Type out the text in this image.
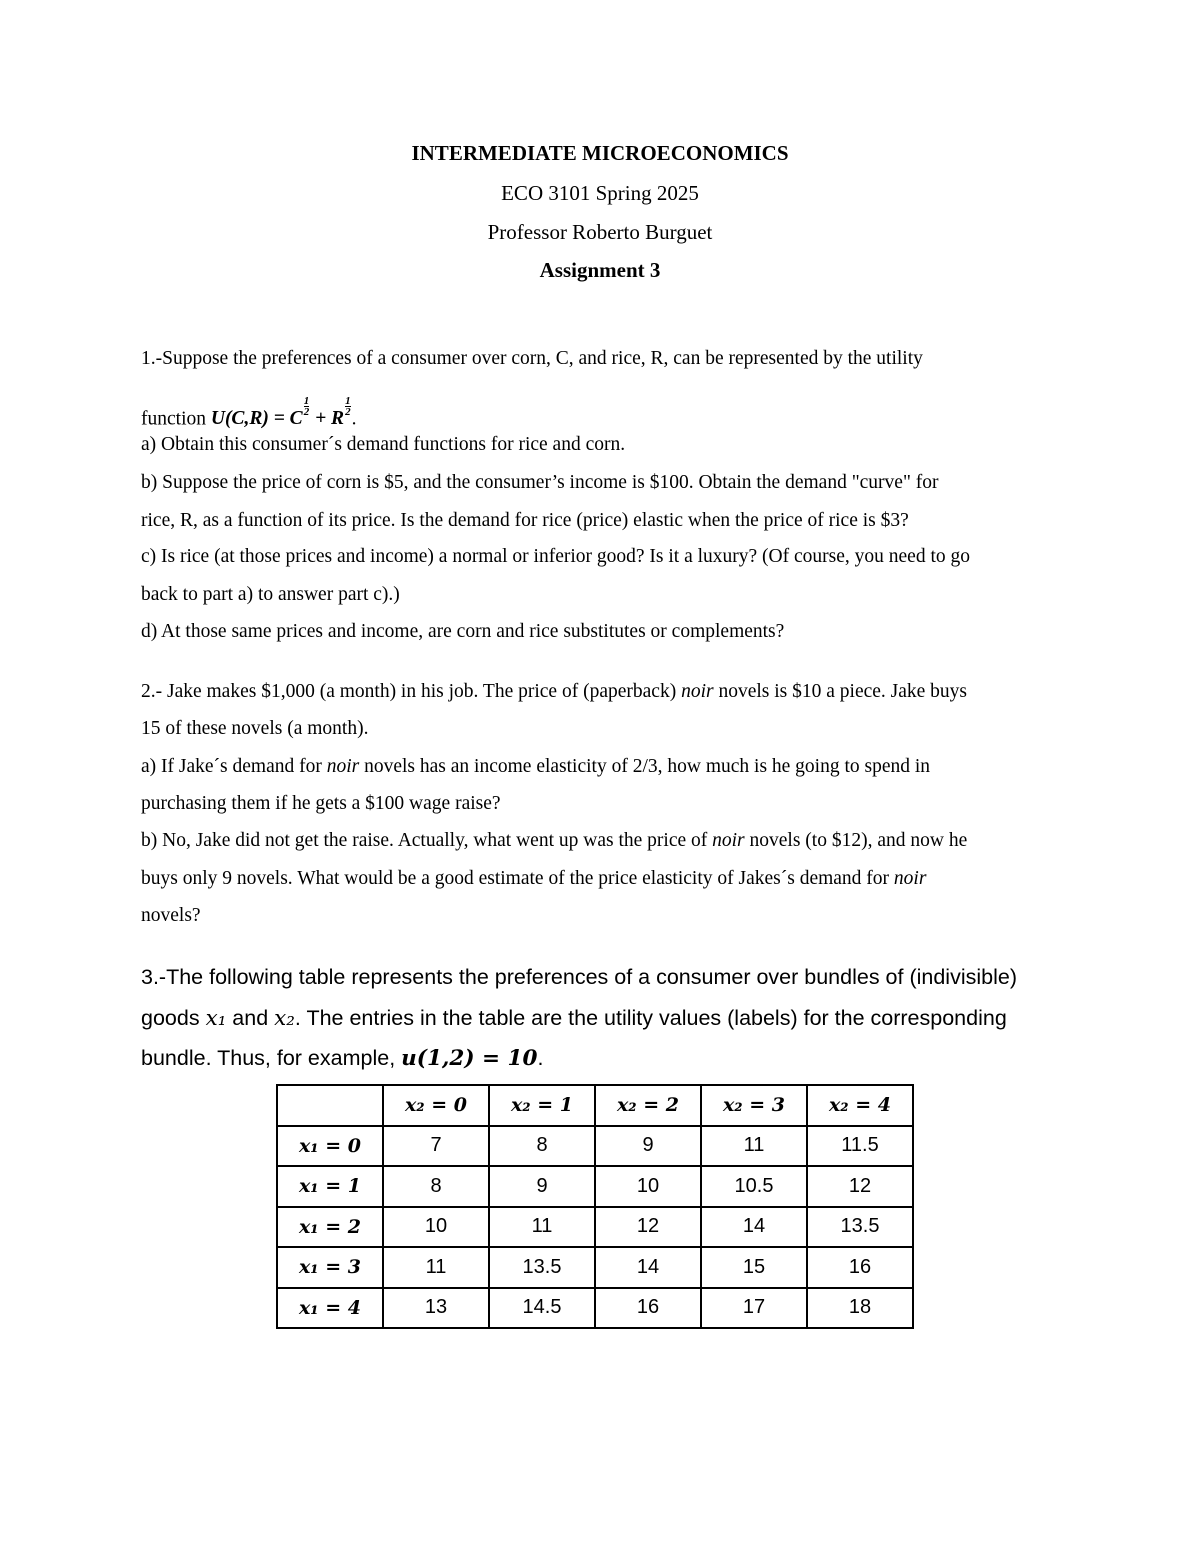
INTERMEDIATE MICROECONOMICS
ECO 3101 Spring 2025
Professor Roberto Burguet
Assignment 3
1.-Suppose the preferences of a consumer over corn, C, and rice, R, can be represented by the utility
function U(C,R) = C
$\frac{1}{2}$
+ R
$\frac{1}{2}$
.
a) Obtain this consumer´s demand functions for rice and corn.
b) Suppose the price of corn is $5, and the consumer’s income is $100. Obtain the demand "curve" for
rice, R, as a function of its price. Is the demand for rice (price) elastic when the price of rice is $3?
c) Is rice (at those prices and income) a normal or inferior good? Is it a luxury? (Of course, you need to go
back to part a) to answer part c).)
d) At those same prices and income, are corn and rice substitutes or complements?
2.- Jake makes $1,000 (a month) in his job. The price of (paperback) noir novels is $10 a piece. Jake buys
15 of these novels (a month).
a) If Jake´s demand for noir novels has an income elasticity of 2/3, how much is he going to spend in
purchasing them if he gets a $100 wage raise?
b) No, Jake did not get the raise. Actually, what went up was the price of noir novels (to $12), and now he
buys only 9 novels. What would be a good estimate of the price elasticity of Jakes´s demand for noir
novels?
3.-The following table represents the preferences of a consumer over bundles of (indivisible)
goods x₁ and x₂. The entries in the table are the utility values (labels) for the corresponding
bundle. Thus, for example, u(1,2) = 10.
	x₂ = 0	x₂ = 1	x₂ = 2	x₂ = 3	x₂ = 4
x₁ = 0	7	8	9	11	11.5
x₁ = 1	8	9	10	10.5	12
x₁ = 2	10	11	12	14	13.5
x₁ = 3	11	13.5	14	15	16
x₁ = 4	13	14.5	16	17	18
